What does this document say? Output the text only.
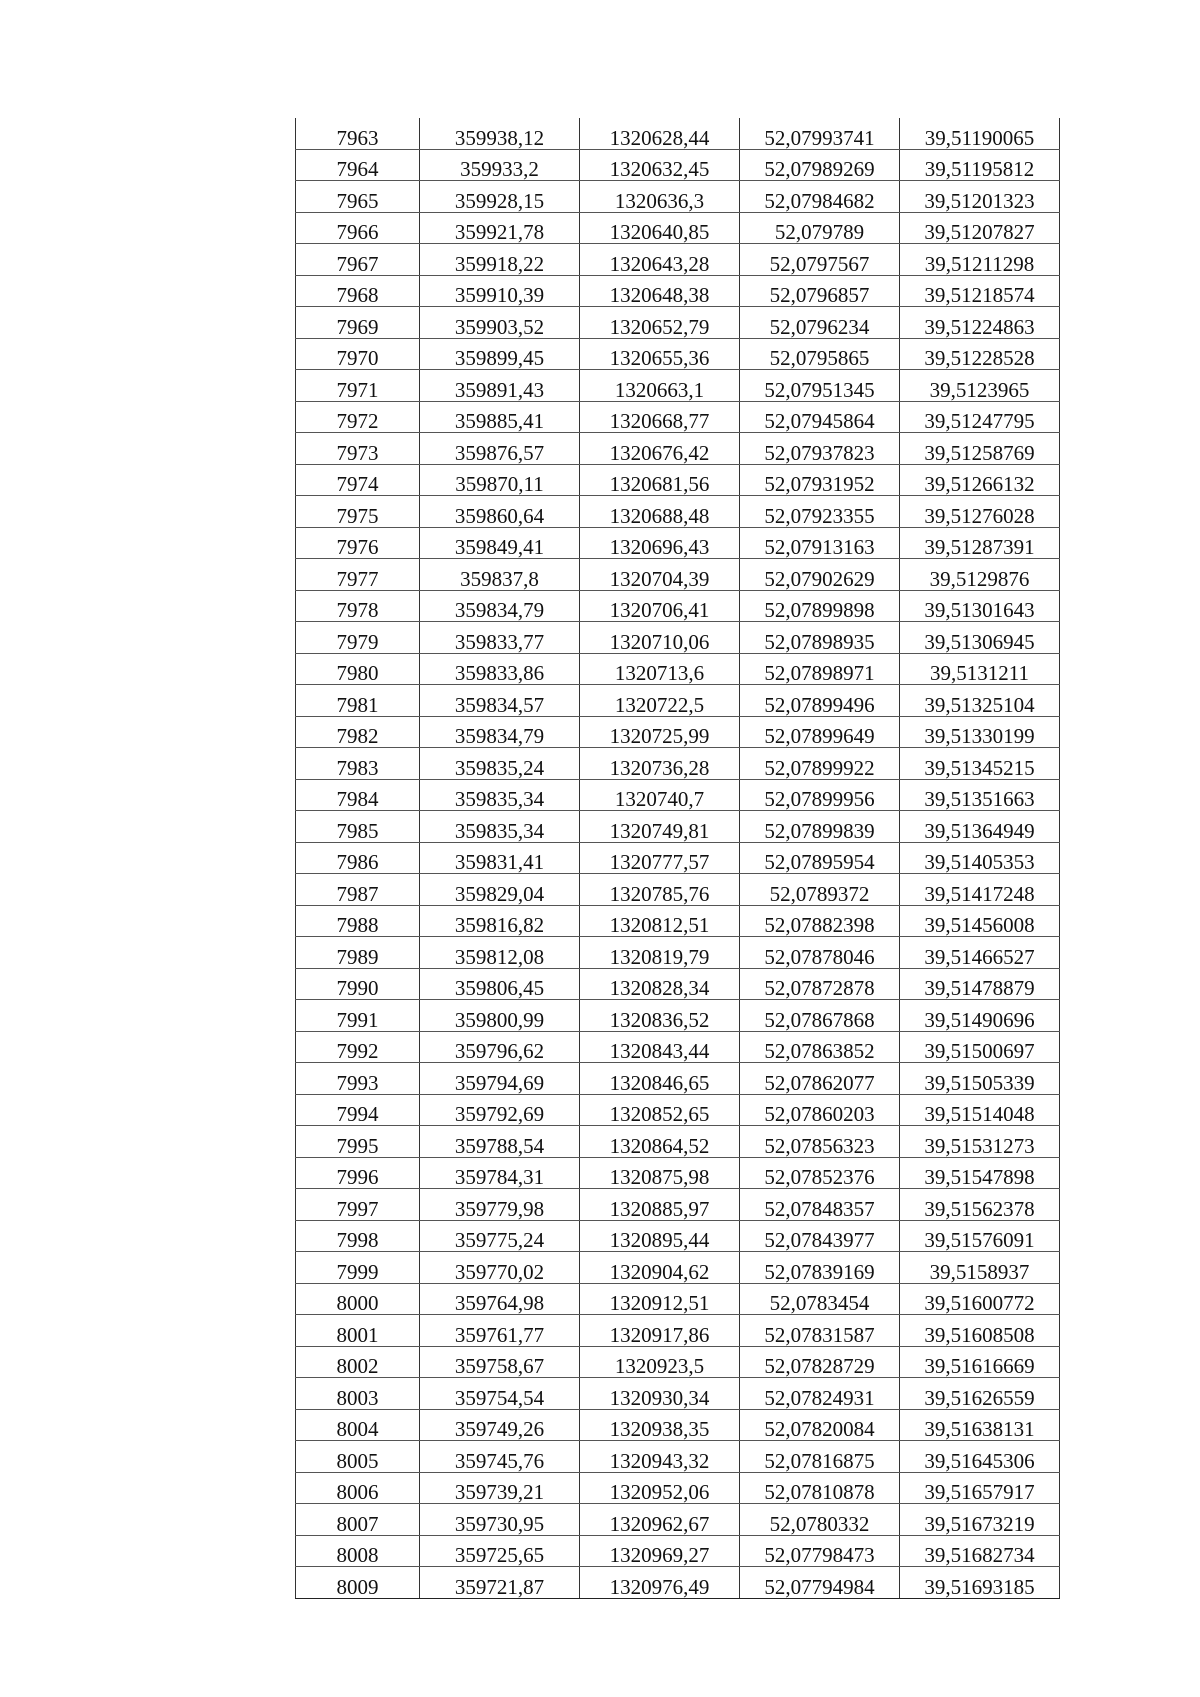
7963	359938,12	1320628,44	52,07993741	39,51190065
7964	359933,2	1320632,45	52,07989269	39,51195812
7965	359928,15	1320636,3	52,07984682	39,51201323
7966	359921,78	1320640,85	52,079789	39,51207827
7967	359918,22	1320643,28	52,0797567	39,51211298
7968	359910,39	1320648,38	52,0796857	39,51218574
7969	359903,52	1320652,79	52,0796234	39,51224863
7970	359899,45	1320655,36	52,0795865	39,51228528
7971	359891,43	1320663,1	52,07951345	39,5123965
7972	359885,41	1320668,77	52,07945864	39,51247795
7973	359876,57	1320676,42	52,07937823	39,51258769
7974	359870,11	1320681,56	52,07931952	39,51266132
7975	359860,64	1320688,48	52,07923355	39,51276028
7976	359849,41	1320696,43	52,07913163	39,51287391
7977	359837,8	1320704,39	52,07902629	39,5129876
7978	359834,79	1320706,41	52,07899898	39,51301643
7979	359833,77	1320710,06	52,07898935	39,51306945
7980	359833,86	1320713,6	52,07898971	39,5131211
7981	359834,57	1320722,5	52,07899496	39,51325104
7982	359834,79	1320725,99	52,07899649	39,51330199
7983	359835,24	1320736,28	52,07899922	39,51345215
7984	359835,34	1320740,7	52,07899956	39,51351663
7985	359835,34	1320749,81	52,07899839	39,51364949
7986	359831,41	1320777,57	52,07895954	39,51405353
7987	359829,04	1320785,76	52,0789372	39,51417248
7988	359816,82	1320812,51	52,07882398	39,51456008
7989	359812,08	1320819,79	52,07878046	39,51466527
7990	359806,45	1320828,34	52,07872878	39,51478879
7991	359800,99	1320836,52	52,07867868	39,51490696
7992	359796,62	1320843,44	52,07863852	39,51500697
7993	359794,69	1320846,65	52,07862077	39,51505339
7994	359792,69	1320852,65	52,07860203	39,51514048
7995	359788,54	1320864,52	52,07856323	39,51531273
7996	359784,31	1320875,98	52,07852376	39,51547898
7997	359779,98	1320885,97	52,07848357	39,51562378
7998	359775,24	1320895,44	52,07843977	39,51576091
7999	359770,02	1320904,62	52,07839169	39,5158937
8000	359764,98	1320912,51	52,0783454	39,51600772
8001	359761,77	1320917,86	52,07831587	39,51608508
8002	359758,67	1320923,5	52,07828729	39,51616669
8003	359754,54	1320930,34	52,07824931	39,51626559
8004	359749,26	1320938,35	52,07820084	39,51638131
8005	359745,76	1320943,32	52,07816875	39,51645306
8006	359739,21	1320952,06	52,07810878	39,51657917
8007	359730,95	1320962,67	52,0780332	39,51673219
8008	359725,65	1320969,27	52,07798473	39,51682734
8009	359721,87	1320976,49	52,07794984	39,51693185
